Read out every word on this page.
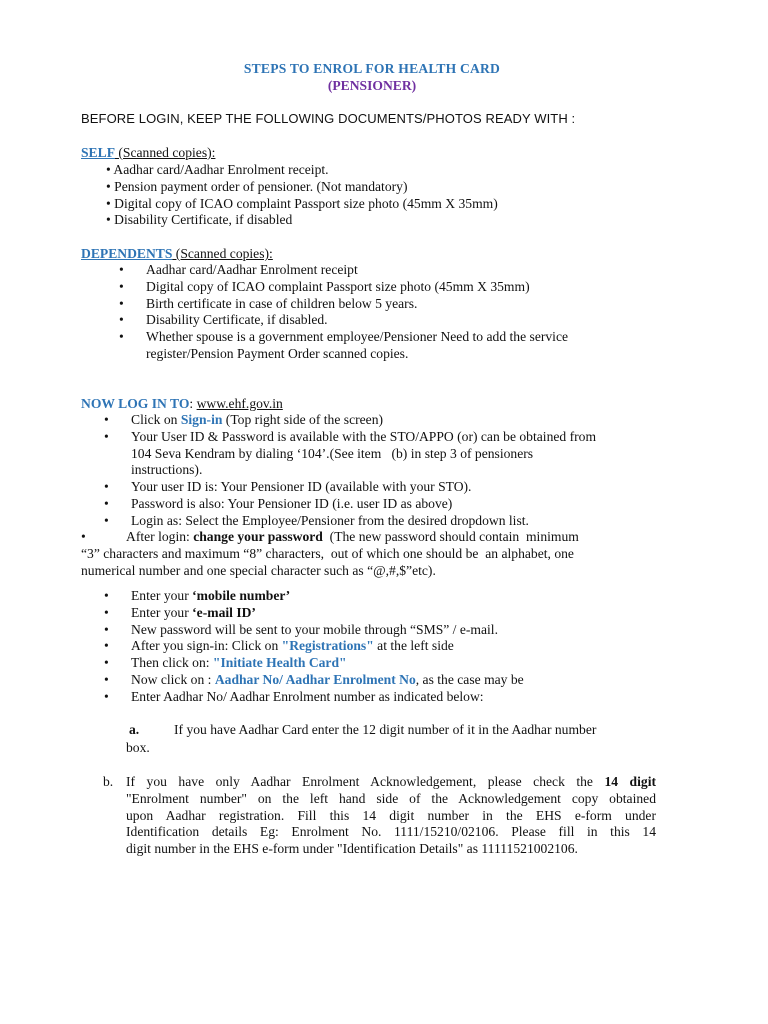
STEPS TO ENROL FOR HEALTH CARD
(PENSIONER)
BEFORE LOGIN, KEEP THE FOLLOWING DOCUMENTS/PHOTOS READY WITH :
SELF (Scanned copies):
• Aadhar card/Aadhar Enrolment receipt.
• Pension payment order of pensioner. (Not mandatory)
• Digital copy of ICAO complaint Passport size photo (45mm X 35mm)
• Disability Certificate, if disabled
DEPENDENTS (Scanned copies):
• Aadhar card/Aadhar Enrolment receipt
• Digital copy of ICAO complaint Passport size photo (45mm X 35mm)
• Birth certificate in case of children below 5 years.
• Disability Certificate, if disabled.
• Whether spouse is a government employee/Pensioner Need to add the service
register/Pension Payment Order scanned copies.
NOW LOG IN TO: www.ehf.gov.in
• Click on Sign-in (Top right side of the screen)
• Your User ID & Password is available with the STO/APPO (or) can be obtained from
104 Seva Kendram by dialing ‘104’.(See item   (b) in step 3 of pensioners
instructions).
• Your user ID is: Your Pensioner ID (available with your STO).
• Password is also: Your Pensioner ID (i.e. user ID as above)
• Login as: Select the Employee/Pensioner from the desired dropdown list.
•	After login: change your password  (The new password should contain  minimum
“3” characters and maximum “8” characters,  out of which one should be  an alphabet, one
numerical number and one special character such as “@,#,$”etc).
• Enter your ‘mobile number’
• Enter your ‘e-mail ID’
• New password will be sent to your mobile through “SMS” / e-mail.
• After you sign-in: Click on "Registrations" at the left side
• Then click on: "Initiate Health Card"
• Now click on : Aadhar No/ Aadhar Enrolment No, as the case may be
• Enter Aadhar No/ Aadhar Enrolment number as indicated below:
a.	If you have Aadhar Card enter the 12 digit number of it in the Aadhar number
box.
b. If you have only Aadhar Enrolment Acknowledgement, please check the 14 digit
"Enrolment number" on the left hand side of the Acknowledgement copy obtained
upon Aadhar registration. Fill this 14 digit number in the EHS e-form under
Identification details Eg: Enrolment No. 1111/15210/02106. Please fill in this 14
digit number in the EHS e-form under "Identification Details" as 11111521002106.
